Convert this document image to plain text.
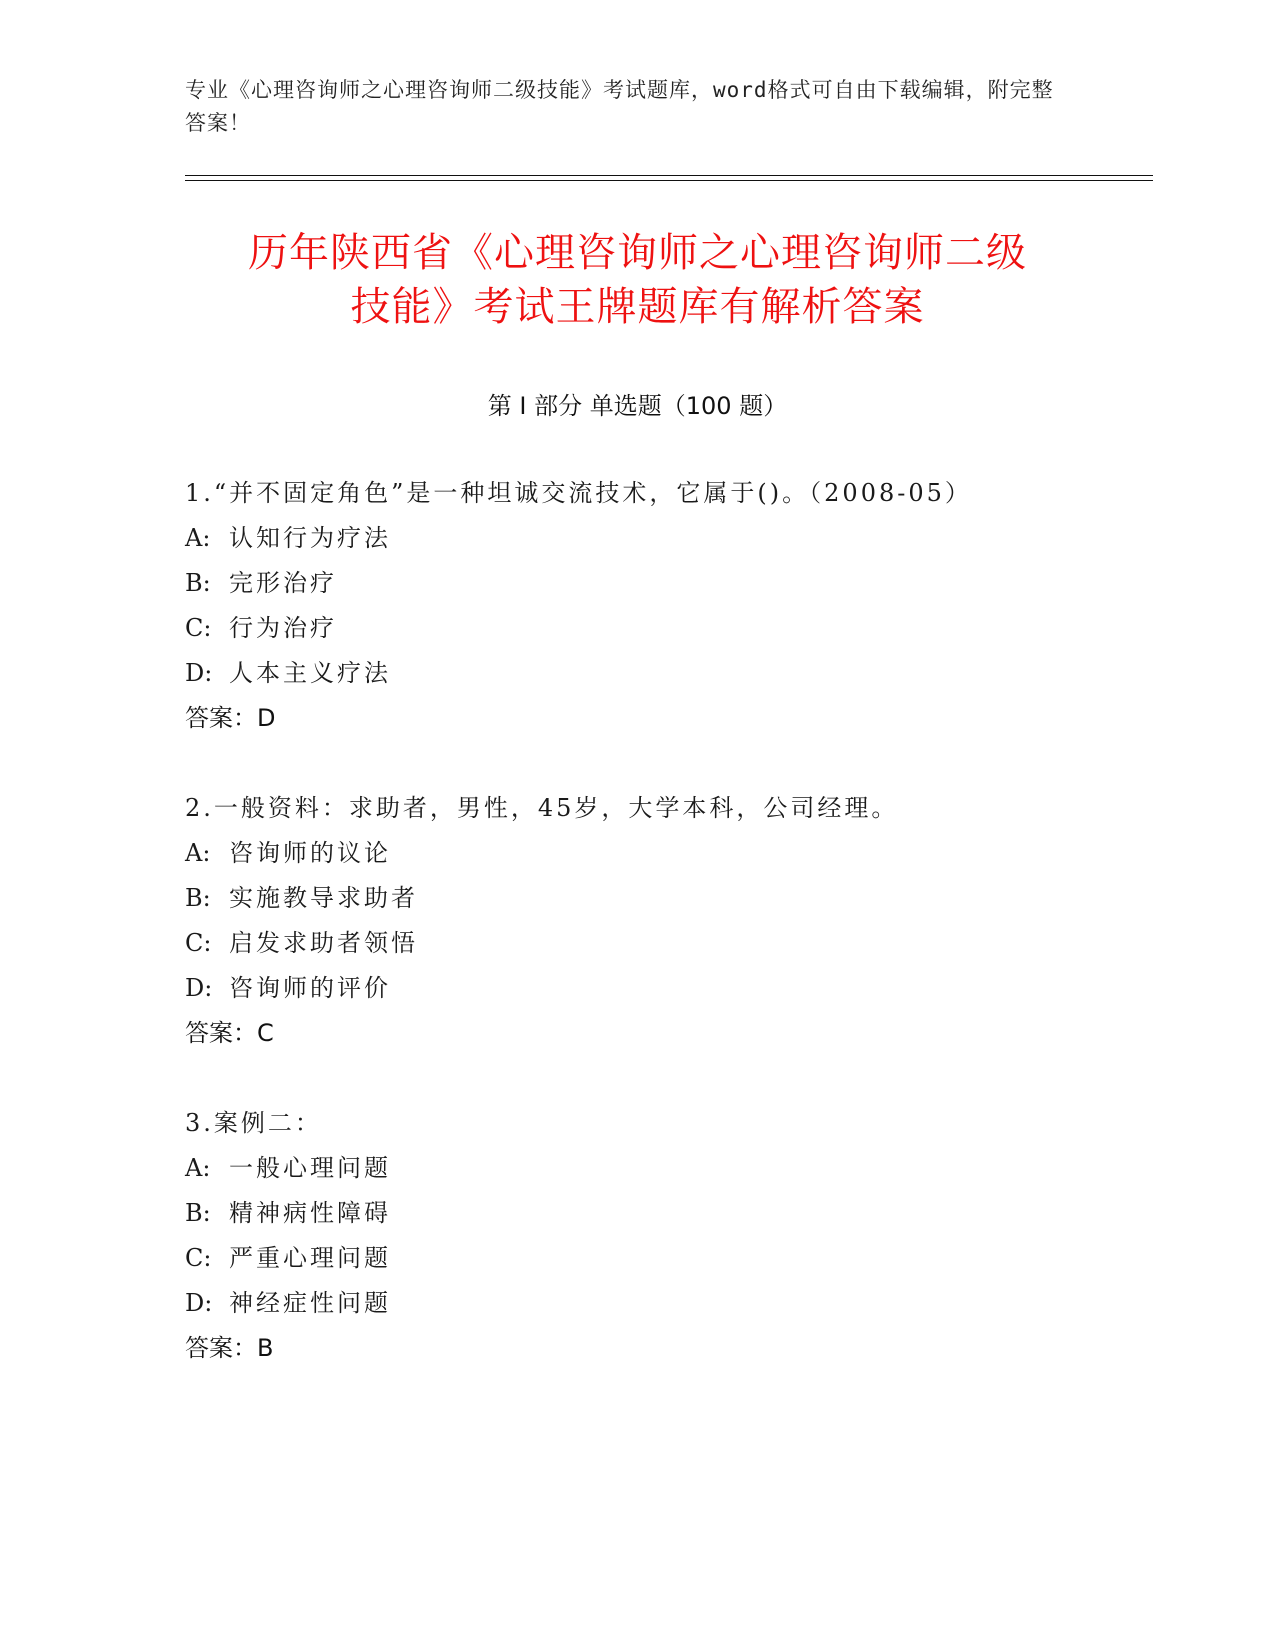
专业《心理咨询师之心理咨询师二级技能》考试题库，word格式可自由下载编辑，附完整答案！
历年陕西省《心理咨询师之心理咨询师二级
技能》考试王牌题库有解析答案
第 I 部分 单选题（100 题）
1.“并不固定角色”是一种坦诚交流技术，它属于()。（2008-05）
A: 认知行为疗法
B: 完形治疗
C: 行为治疗
D: 人本主义疗法
答案：D
2.一般资料：求助者，男性，45岁，大学本科，公司经理。
A: 咨询师的议论
B: 实施教导求助者
C: 启发求助者领悟
D: 咨询师的评价
答案：C
3.案例二：
A: 一般心理问题
B: 精神病性障碍
C: 严重心理问题
D: 神经症性问题
答案：B
